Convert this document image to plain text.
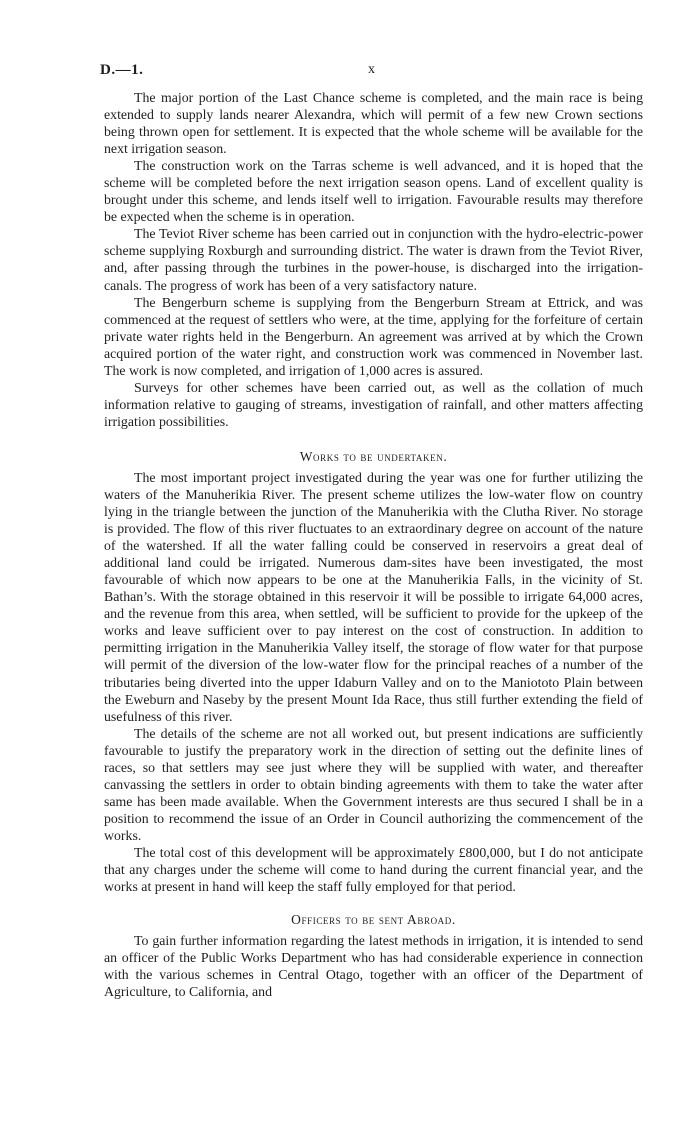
D.—1.	x

The major portion of the Last Chance scheme is completed, and the main race is being extended to supply lands nearer Alexandra, which will permit of a few new Crown sections being thrown open for settlement. It is expected that the whole scheme will be available for the next irrigation season.

The construction work on the Tarras scheme is well advanced, and it is hoped that the scheme will be completed before the next irrigation season opens. Land of excellent quality is brought under this scheme, and lends itself well to irrigation. Favourable results may therefore be expected when the scheme is in operation.

The Teviot River scheme has been carried out in conjunction with the hydro-electric-power scheme supplying Roxburgh and surrounding district. The water is drawn from the Teviot River, and, after passing through the turbines in the power-house, is discharged into the irrigation-canals. The progress of work has been of a very satisfactory nature.

The Bengerburn scheme is supplying from the Bengerburn Stream at Ettrick, and was commenced at the request of settlers who were, at the time, applying for the forfeiture of certain private water rights held in the Bengerburn. An agreement was arrived at by which the Crown acquired portion of the water right, and construction work was commenced in November last. The work is now completed, and irrigation of 1,000 acres is assured.

Surveys for other schemes have been carried out, as well as the collation of much information relative to gauging of streams, investigation of rainfall, and other matters affecting irrigation possibilities.

Works to be undertaken.

The most important project investigated during the year was one for further utilizing the waters of the Manuherikia River. The present scheme utilizes the low-water flow on country lying in the triangle between the junction of the Manuherikia with the Clutha River. No storage is provided. The flow of this river fluctuates to an extraordinary degree on account of the nature of the watershed. If all the water falling could be conserved in reservoirs a great deal of additional land could be irrigated. Numerous dam-sites have been investigated, the most favourable of which now appears to be one at the Manuherikia Falls, in the vicinity of St. Bathan’s. With the storage obtained in this reservoir it will be possible to irrigate 64,000 acres, and the revenue from this area, when settled, will be sufficient to provide for the upkeep of the works and leave sufficient over to pay interest on the cost of construction. In addition to permitting irrigation in the Manuherikia Valley itself, the storage of flow water for that purpose will permit of the diversion of the low-water flow for the principal reaches of a number of the tributaries being diverted into the upper Idaburn Valley and on to the Maniototo Plain between the Eweburn and Naseby by the present Mount Ida Race, thus still further extending the field of usefulness of this river.

The details of the scheme are not all worked out, but present indications are sufficiently favourable to justify the preparatory work in the direction of setting out the definite lines of races, so that settlers may see just where they will be supplied with water, and thereafter canvassing the settlers in order to obtain binding agreements with them to take the water after same has been made available. When the Government interests are thus secured I shall be in a position to recommend the issue of an Order in Council authorizing the commencement of the works.

The total cost of this development will be approximately £800,000, but I do not anticipate that any charges under the scheme will come to hand during the current financial year, and the works at present in hand will keep the staff fully employed for that period.

Officers to be sent Abroad.

To gain further information regarding the latest methods in irrigation, it is intended to send an officer of the Public Works Department who has had considerable experience in connection with the various schemes in Central Otago, together with an officer of the Department of Agriculture, to California, and
